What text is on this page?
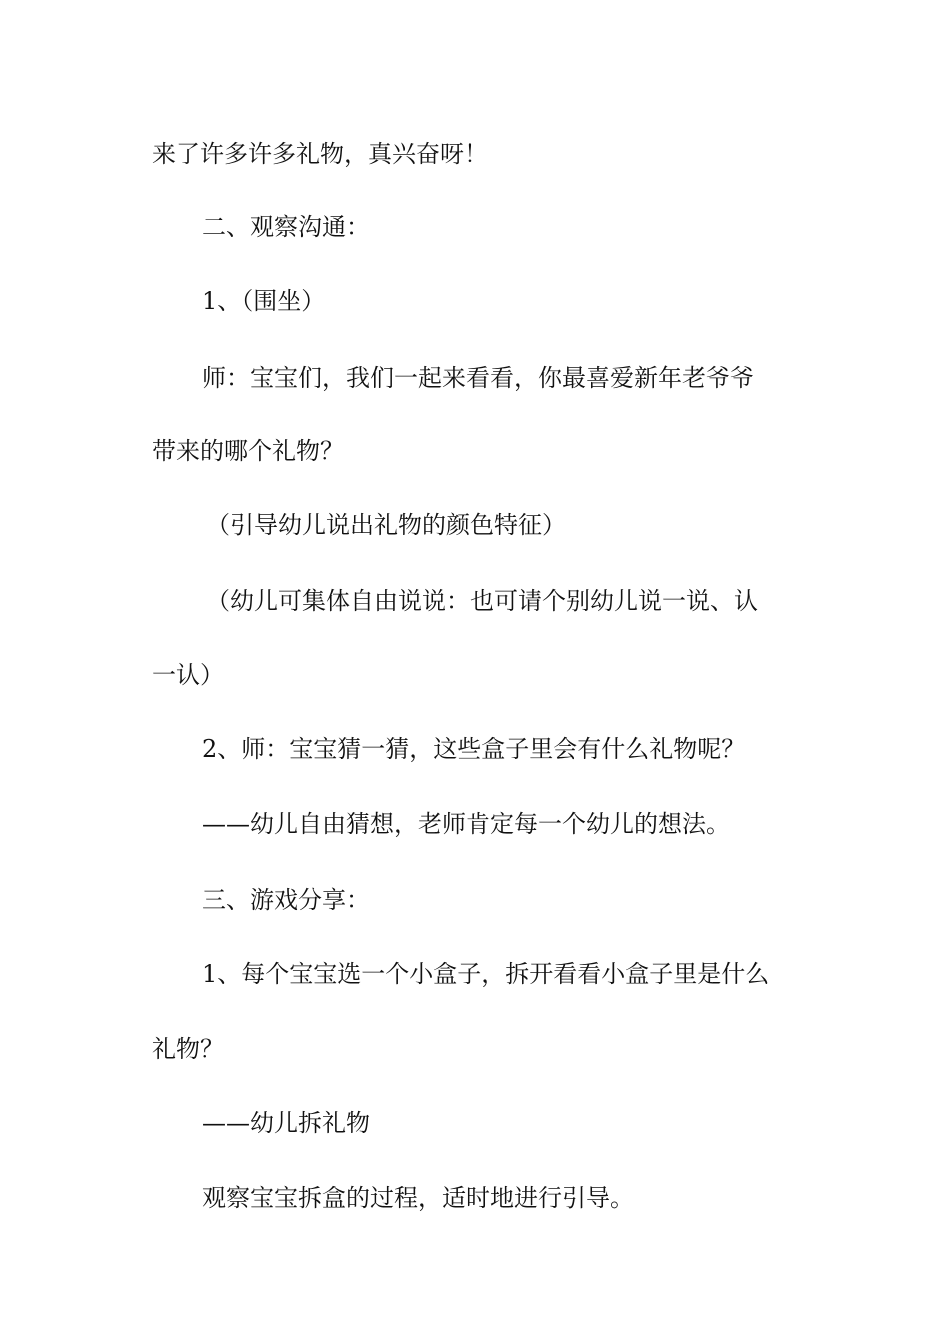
来了许多许多礼物，真兴奋呀！
二、观察沟通：
1、（围坐）
师：宝宝们，我们一起来看看，你最喜爱新年老爷爷
带来的哪个礼物？
（引导幼儿说出礼物的颜色特征）
（幼儿可集体自由说说：也可请个别幼儿说一说、认
一认）
2、师：宝宝猜一猜，这些盒子里会有什么礼物呢？
——幼儿自由猜想，老师肯定每一个幼儿的想法。
三、游戏分享：
1、每个宝宝选一个小盒子，拆开看看小盒子里是什么
礼物？
——幼儿拆礼物
观察宝宝拆盒的过程，适时地进行引导。
